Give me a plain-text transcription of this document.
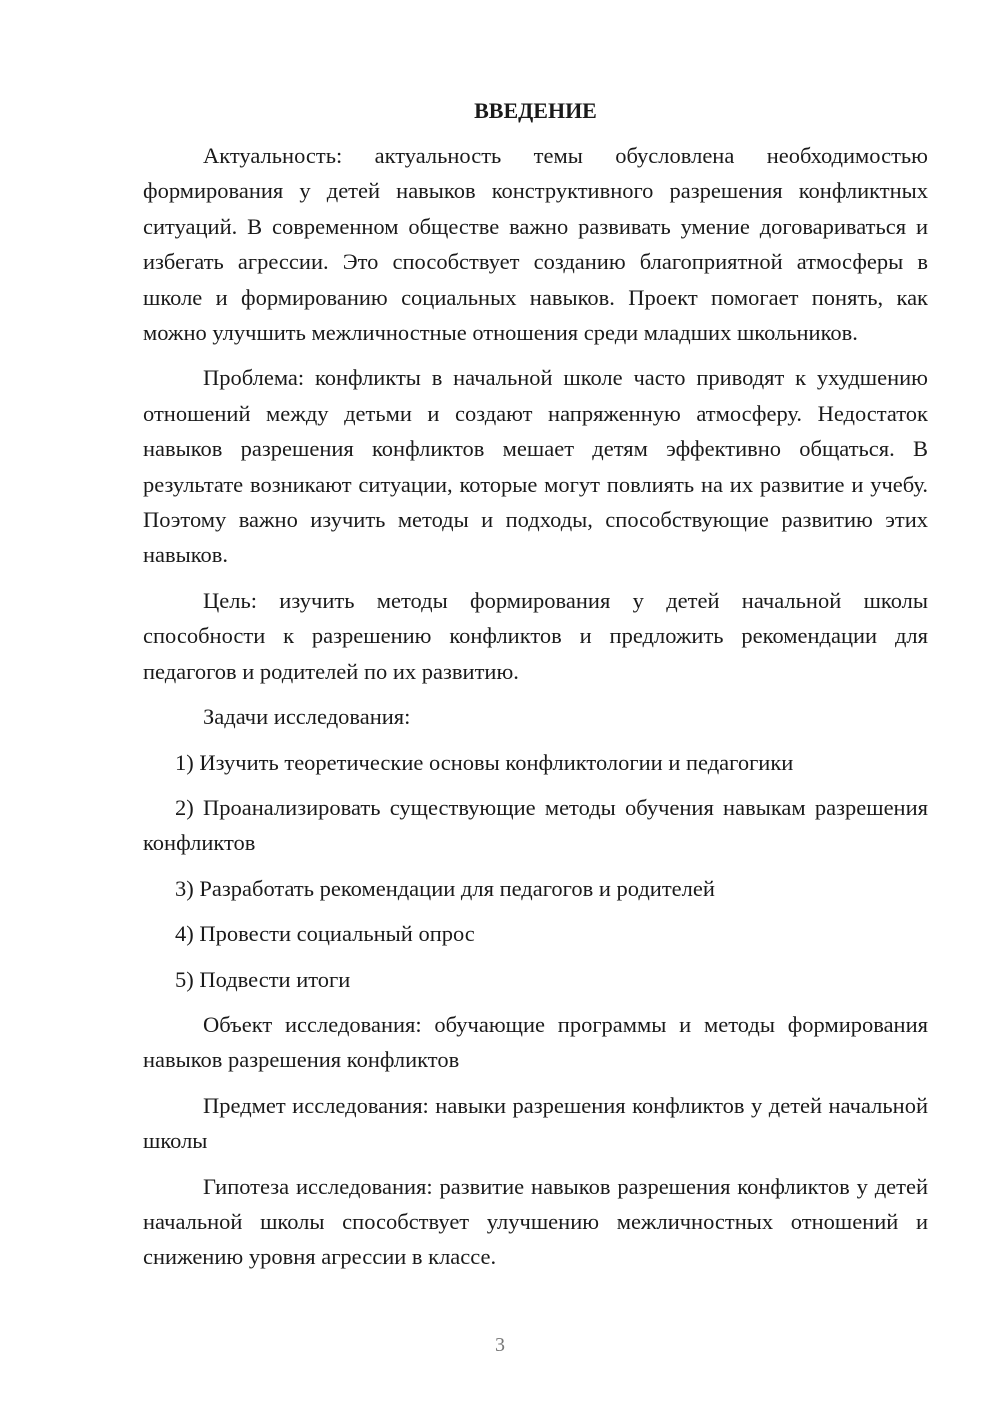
ВВЕДЕНИЕ

Актуальность: актуальность темы обусловлена необходимостью формирования у детей навыков конструктивного разрешения конфликтных ситуаций. В современном обществе важно развивать умение договариваться и избегать агрессии. Это способствует созданию благоприятной атмосферы в школе и формированию социальных навыков. Проект помогает понять, как можно улучшить межличностные отношения среди младших школьников.

Проблема: конфликты в начальной школе часто приводят к ухудшению отношений между детьми и создают напряженную атмосферу. Недостаток навыков разрешения конфликтов мешает детям эффективно общаться. В результате возникают ситуации, которые могут повлиять на их развитие и учебу. Поэтому важно изучить методы и подходы, способствующие развитию этих навыков.

Цель: изучить методы формирования у детей начальной школы способности к разрешению конфликтов и предложить рекомендации для педагогов и родителей по их развитию.

Задачи исследования:

1) Изучить теоретические основы конфликтологии и педагогики

2) Проанализировать существующие методы обучения навыкам разрешения конфликтов

3) Разработать рекомендации для педагогов и родителей

4) Провести социальный опрос

5) Подвести итоги

Объект исследования: обучающие программы и методы формирования навыков разрешения конфликтов

Предмет исследования: навыки разрешения конфликтов у детей начальной школы

Гипотеза исследования: развитие навыков разрешения конфликтов у детей начальной школы способствует улучшению межличностных отношений и снижению уровня агрессии в классе.

3
